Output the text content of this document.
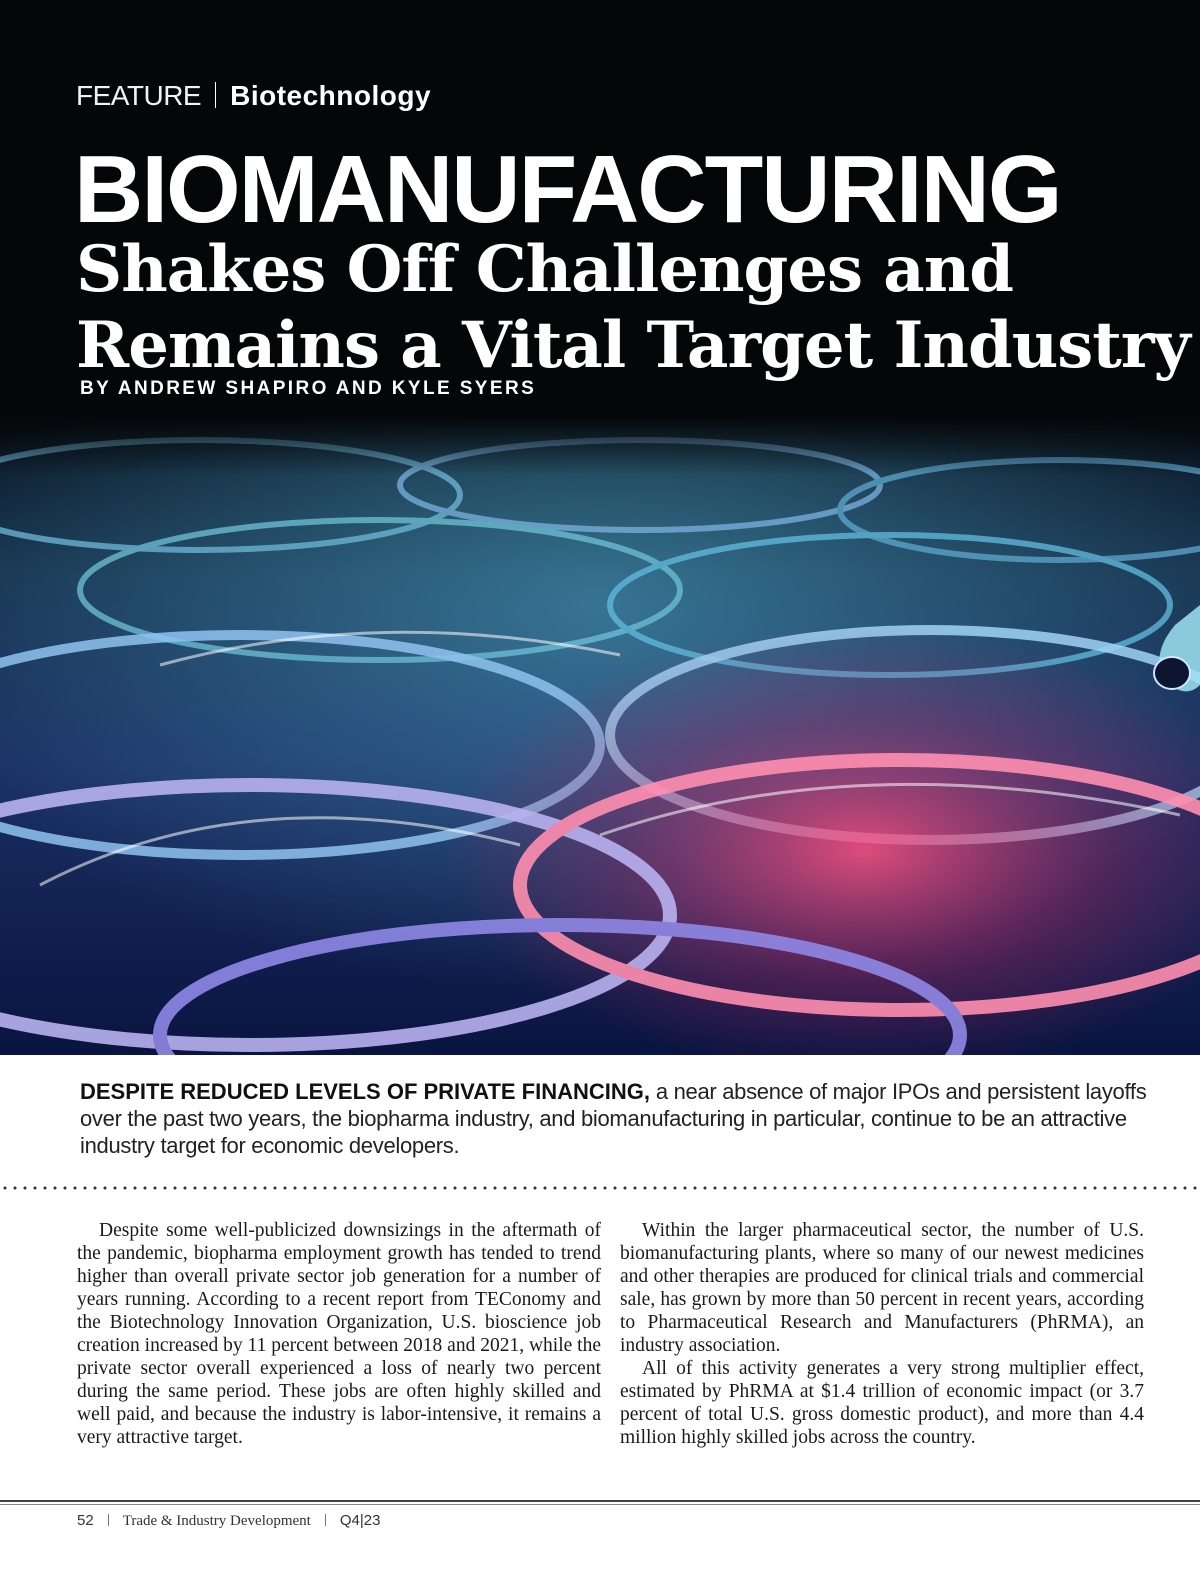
FEATURE Biotechnology
BIOMANUFACTURING
Shakes Off Challenges and
Remains a Vital Target Industry
BY ANDREW SHAPIRO AND KYLE SYERS
DESPITE REDUCED LEVELS OF PRIVATE FINANCING, a near absence of major IPOs and persistent layoffs over the past two years, the biopharma industry, and biomanufacturing in particular, continue to be an attractive industry target for economic developers.

Despite some well-publicized downsizings in the aftermath of the pandemic, biopharma employment growth has tended to trend higher than overall private sector job generation for a number of years running. According to a recent report from TEConomy and the Biotechnology Innovation Organization, U.S. bioscience job creation increased by 11 percent between 2018 and 2021, while the private sector overall experienced a loss of nearly two percent during the same period. These jobs are often highly skilled and well paid, and because the industry is labor-intensive, it remains a very attractive target.

Within the larger pharmaceutical sector, the number of U.S. biomanufacturing plants, where so many of our newest medicines and other therapies are produced for clinical trials and commercial sale, has grown by more than 50 percent in recent years, according to Pharmaceutical Research and Manufacturers (PhRMA), an industry association.

All of this activity generates a very strong multiplier effect, estimated by PhRMA at $1.4 trillion of economic impact (or 3.7 percent of total U.S. gross domestic product), and more than 4.4 million highly skilled jobs across the country.

52 Trade & Industry Development Q4|23
